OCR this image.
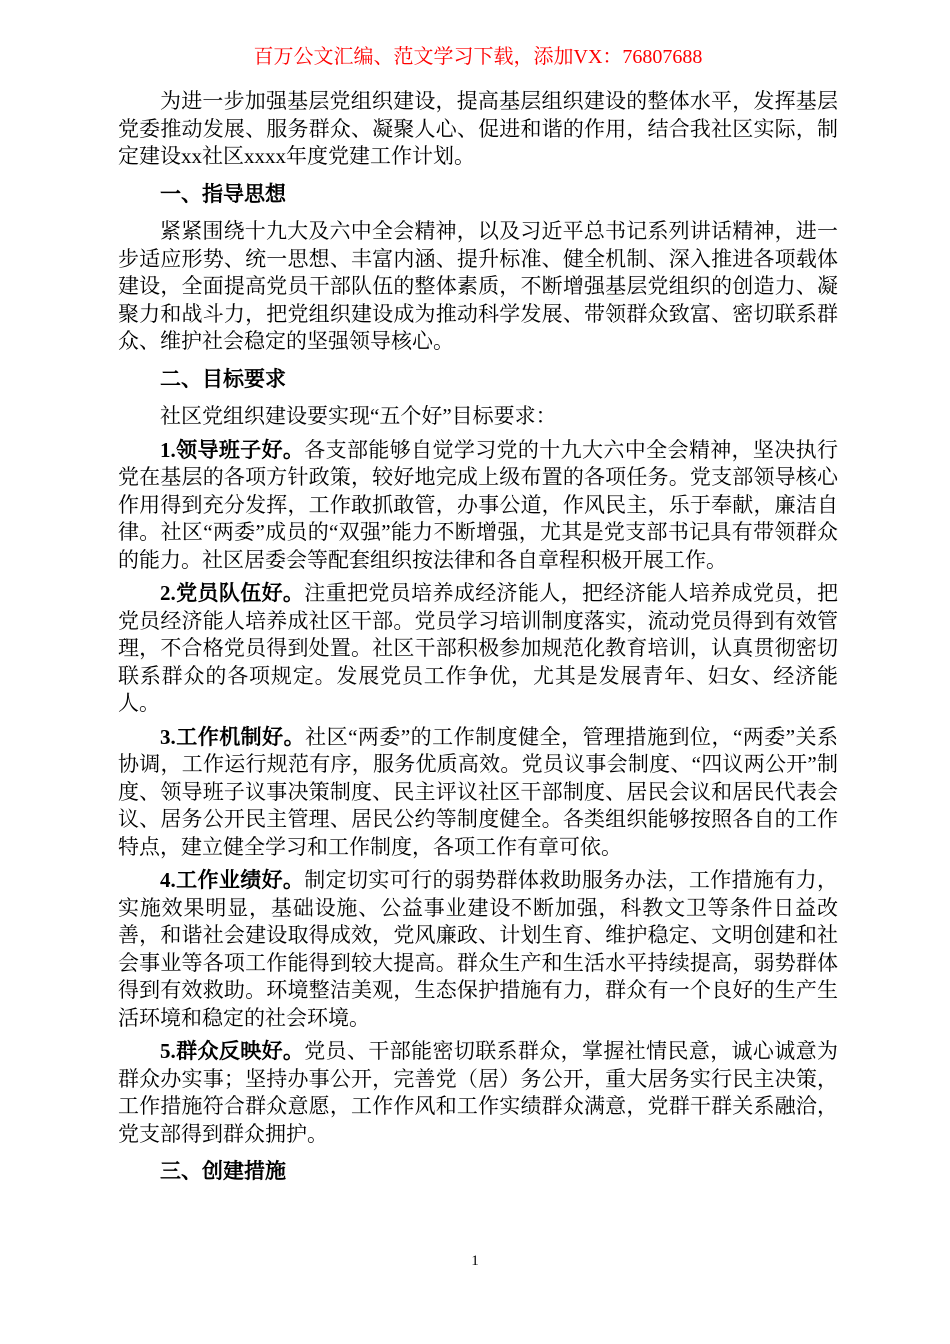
百万公文汇编、范文学习下载，添加VX：76807688

为进一步加强基层党组织建设，提高基层组织建设的整体水平，发挥基层党委推动发展、服务群众、凝聚人心、促进和谐的作用，结合我社区实际，制定建设xx社区xxxx年度党建工作计划。

一、指导思想

紧紧围绕十九大及六中全会精神，以及习近平总书记系列讲话精神，进一步适应形势、统一思想、丰富内涵、提升标准、健全机制、深入推进各项载体建设，全面提高党员干部队伍的整体素质，不断增强基层党组织的创造力、凝聚力和战斗力，把党组织建设成为推动科学发展、带领群众致富、密切联系群众、维护社会稳定的坚强领导核心。

二、目标要求

社区党组织建设要实现“五个好”目标要求：

1.领导班子好。各支部能够自觉学习党的十九大六中全会精神，坚决执行党在基层的各项方针政策，较好地完成上级布置的各项任务。党支部领导核心作用得到充分发挥，工作敢抓敢管，办事公道，作风民主，乐于奉献，廉洁自律。社区“两委”成员的“双强”能力不断增强，尤其是党支部书记具有带领群众的能力。社区居委会等配套组织按法律和各自章程积极开展工作。

2.党员队伍好。注重把党员培养成经济能人，把经济能人培养成党员，把党员经济能人培养成社区干部。党员学习培训制度落实，流动党员得到有效管理，不合格党员得到处置。社区干部积极参加规范化教育培训，认真贯彻密切联系群众的各项规定。发展党员工作争优，尤其是发展青年、妇女、经济能人。

3.工作机制好。社区“两委”的工作制度健全，管理措施到位，“两委”关系协调，工作运行规范有序，服务优质高效。党员议事会制度、“四议两公开”制度、领导班子议事决策制度、民主评议社区干部制度、居民会议和居民代表会议、居务公开民主管理、居民公约等制度健全。各类组织能够按照各自的工作特点，建立健全学习和工作制度，各项工作有章可依。

4.工作业绩好。制定切实可行的弱势群体救助服务办法，工作措施有力，实施效果明显，基础设施、公益事业建设不断加强，科教文卫等条件日益改善，和谐社会建设取得成效，党风廉政、计划生育、维护稳定、文明创建和社会事业等各项工作能得到较大提高。群众生产和生活水平持续提高，弱势群体得到有效救助。环境整洁美观，生态保护措施有力，群众有一个良好的生产生活环境和稳定的社会环境。

5.群众反映好。党员、干部能密切联系群众，掌握社情民意，诚心诚意为群众办实事；坚持办事公开，完善党（居）务公开，重大居务实行民主决策，工作措施符合群众意愿，工作作风和工作实绩群众满意，党群干群关系融洽，党支部得到群众拥护。

三、创建措施

1
